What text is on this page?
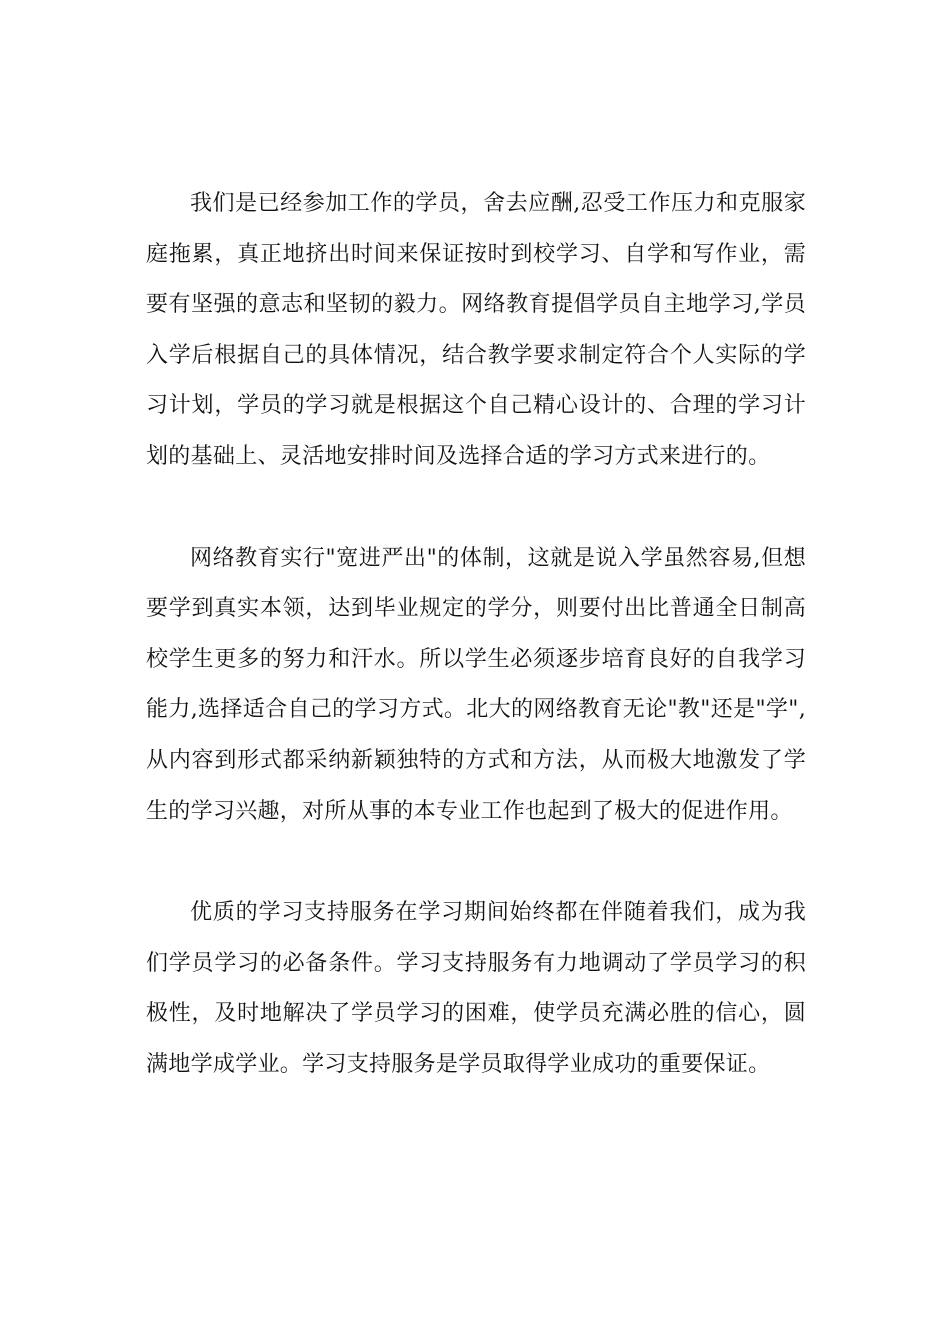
我们是已经参加工作的学员，舍去应酬,忍受工作压力和克服家庭拖累，真正地挤出时间来保证按时到校学习、自学和写作业，需要有坚强的意志和坚韧的毅力。网络教育提倡学员自主地学习,学员入学后根据自己的具体情况，结合教学要求制定符合个人实际的学习计划，学员的学习就是根据这个自己精心设计的、合理的学习计划的基础上、灵活地安排时间及选择合适的学习方式来进行的。

网络教育实行"宽进严出"的体制，这就是说入学虽然容易,但想要学到真实本领，达到毕业规定的学分，则要付出比普通全日制高校学生更多的努力和汗水。所以学生必须逐步培育良好的自我学习能力,选择适合自己的学习方式。北大的网络教育无论"教"还是"学",从内容到形式都采纳新颖独特的方式和方法，从而极大地激发了学生的学习兴趣，对所从事的本专业工作也起到了极大的促进作用。

优质的学习支持服务在学习期间始终都在伴随着我们，成为我们学员学习的必备条件。学习支持服务有力地调动了学员学习的积极性，及时地解决了学员学习的困难，使学员充满必胜的信心，圆满地学成学业。学习支持服务是学员取得学业成功的重要保证。
